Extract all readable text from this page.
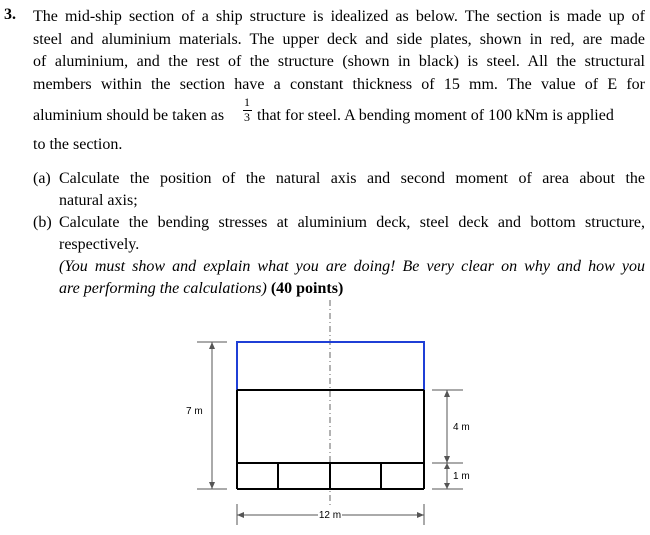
3. The mid-ship section of a ship structure is idealized as below. The section is made up of
steel and aluminium materials. The upper deck and side plates, shown in red, are made
of aluminium, and the rest of the structure (shown in black) is steel. All the structural
members within the section have a constant thickness of 15 mm. The value of E for
aluminium should be taken as
1
3 that for steel. A bending moment of 100 kNm is applied
to the section.
(a) Calculate the position of the natural axis and second moment of area about the
natural axis;
(b) Calculate the bending stresses at aluminium deck, steel deck and bottom structure,
respectively.
(You must show and explain what you are doing! Be very clear on why and how you
are performing the calculations) (40 points)
7 m
4 m
1 m
12 m
